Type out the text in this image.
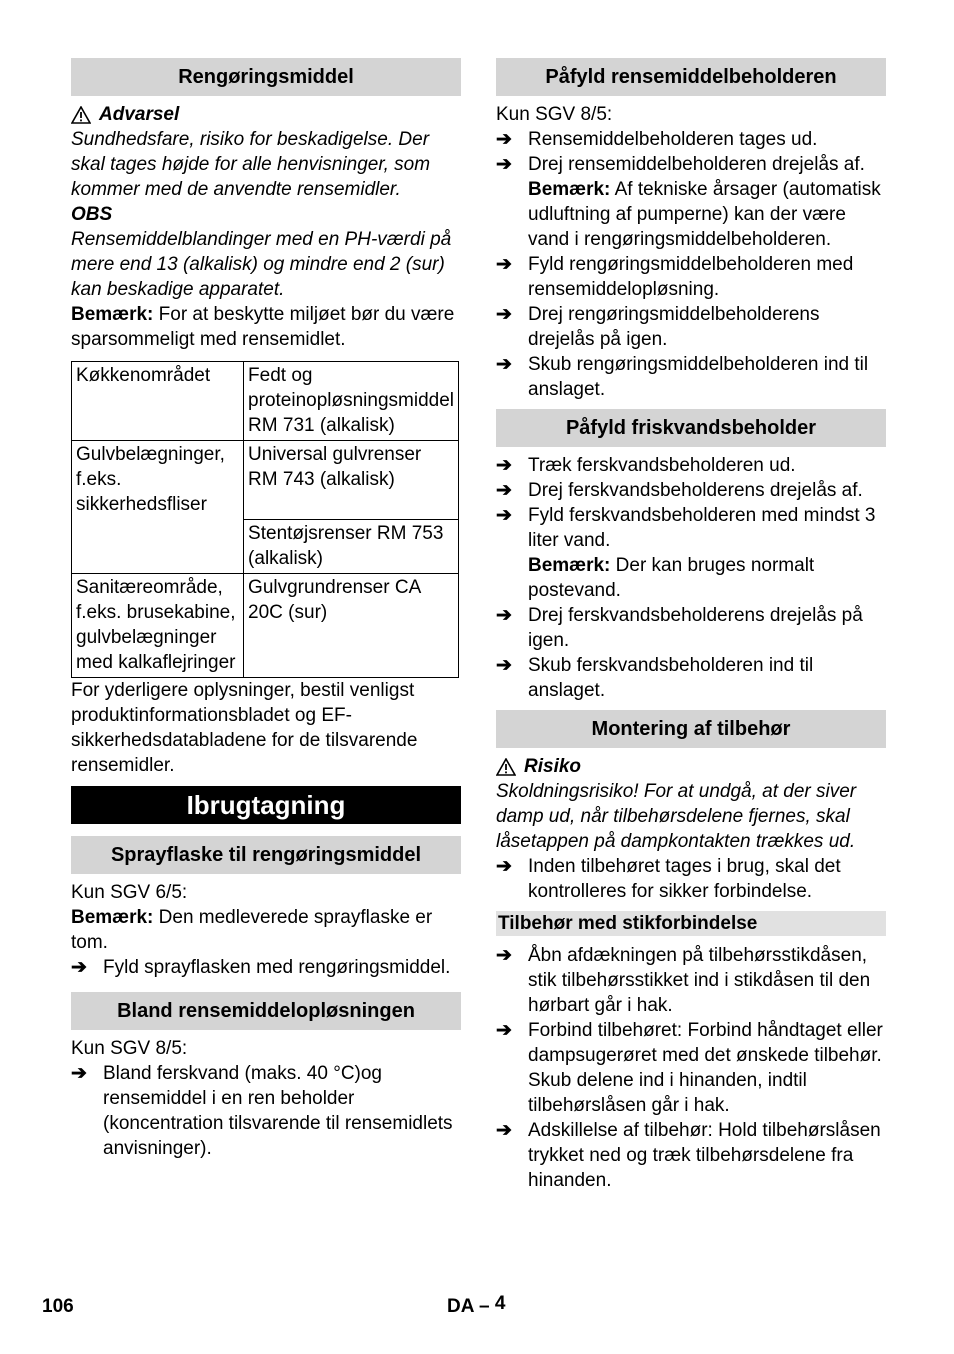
Rengøringsmiddel
Advarsel

Sundhedsfare, risiko for beskadigelse. Der skal tages højde for alle henvisninger, som kommer med de anvendte rensemidler.

OBS

Rensemiddelblandinger med en PH-værdi på mere end 13 (alkalisk) og mindre end 2 (sur) kan beskadige apparatet.

Bemærk: For at beskytte miljøet bør du være sparsommeligt med rensemidlet.

Køkkenområdet	Fedt og proteinopløsningsmiddel RM 731 (alkalisk)
Gulvbelægninger, f.eks. sikkerhedsfliser	Universal gulvrenser RM 743 (alkalisk)
	Stentøjsrenser RM 753 (alkalisk)
Sanitæreområde, f.eks. brusekabine, gulvbelægninger med kalkaflejringer	Gulvgrundrenser CA 20C (sur)

For yderligere oplysninger, bestil venligst produktinformationsbladet og EF-sikkerhedsdatabladene for de tilsvarende rensemidler.

Ibrugtagning
Sprayflaske til rengøringsmiddel

Kun SGV 6/5:

Bemærk: Den medleverede sprayflaske er tom.

➔ Fyld sprayflasken med rengøringsmiddel.
Bland rensemiddelopløsningen

Kun SGV 8/5:

➔ Bland ferskvand (maks. 40 °C)og rensemiddel i en ren beholder (koncentration tilsvarende til rensemidlets anvisninger).
Påfyld rensemiddelbeholderen

Kun SGV 8/5:

➔ Rensemiddelbeholderen tages ud.
➔ Drej rensemiddelbeholderen drejelås af.

Bemærk: Af tekniske årsager (automatisk udluftning af pumperne) kan der være vand i rengøringsmiddelbeholderen.

➔ Fyld rengøringsmiddelbeholderen med rensemiddelopløsning.
➔ Drej rengøringsmiddelbeholderens drejelås på igen.
➔ Skub rengøringsmiddelbeholderen ind til anslaget.
Påfyld friskvandsbeholder
➔ Træk ferskvandsbeholderen ud.
➔ Drej ferskvandsbeholderens drejelås af.
➔ Fyld ferskvandsbeholderen med mindst 3 liter vand.

Bemærk: Der kan bruges normalt postevand.

➔ Drej ferskvandsbeholderens drejelås på igen.
➔ Skub ferskvandsbeholderen ind til anslaget.
Montering af tilbehør
Risiko

Skoldningsrisiko! For at undgå, at der siver damp ud, når tilbehørsdelene fjernes, skal låsetappen på dampkontakten trækkes ud.

➔ Inden tilbehøret tages i brug, skal det kontrolleres for sikker forbindelse.
Tilbehør med stikforbindelse
➔ Åbn afdækningen på tilbehørsstikdåsen, stik tilbehørsstikket ind i stikdåsen til den hørbart går i hak.
➔ Forbind tilbehøret: Forbind håndtaget eller dampsugerøret med det ønskede tilbehør. Skub delene ind i hinanden, indtil tilbehørslåsen går i hak.
➔ Adskillelse af tilbehør: Hold tilbehørslåsen trykket ned og træk tilbehørsdelene fra hinanden.
106	DA – 4
